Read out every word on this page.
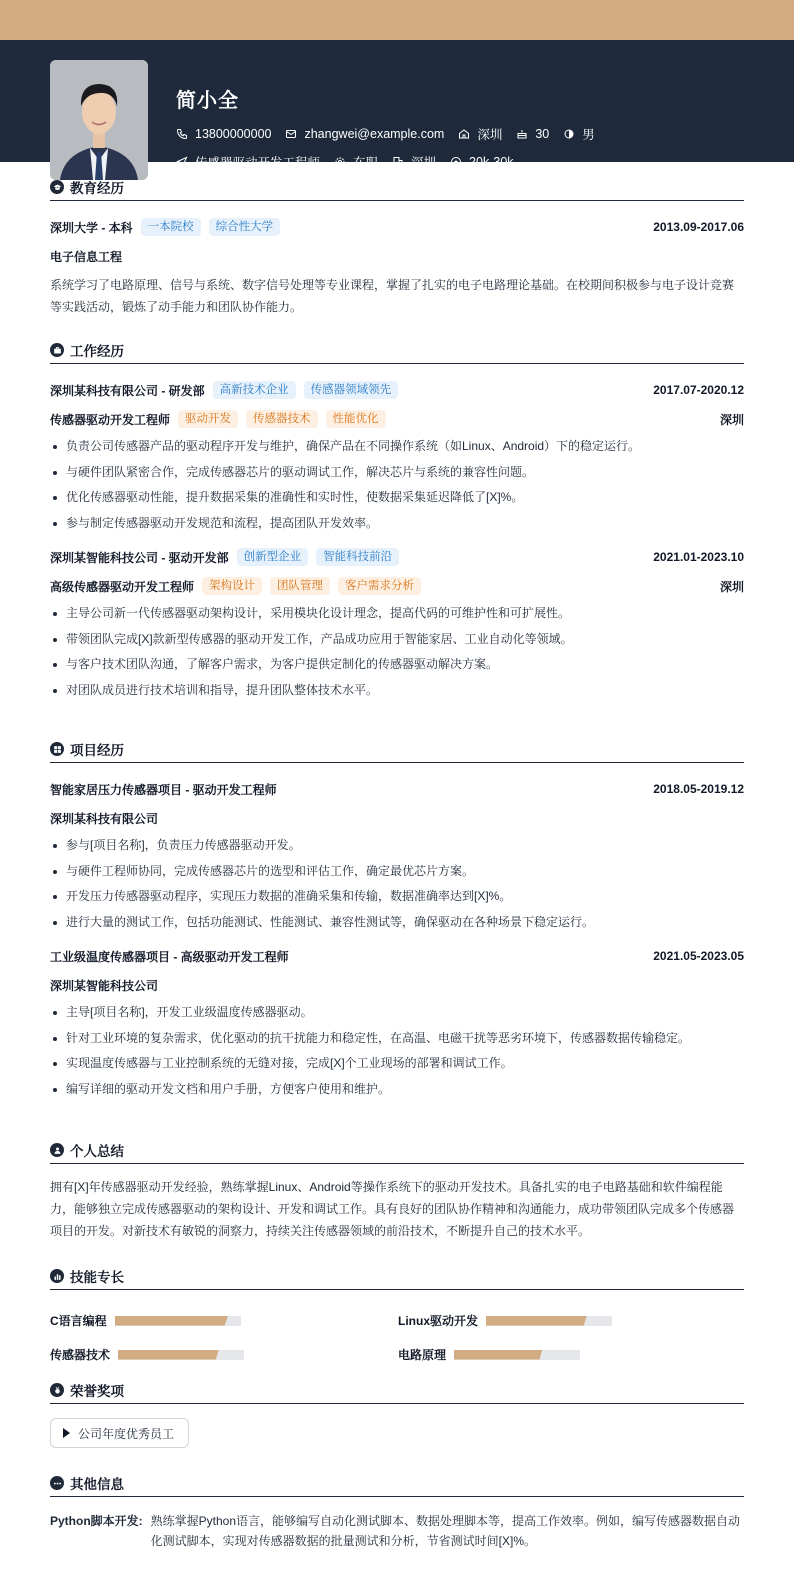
简小全
13800000000	zhangwei@example.com	深圳	30	男
传感器驱动开发工程师	在职	深圳	20k-30k
教育经历
深圳大学 - 本科	一本院校	综合性大学	2013.09-2017.06
电子信息工程
系统学习了电路原理、信号与系统、数字信号处理等专业课程，掌握了扎实的电子电路理论基础。在校期间积极参与电子设计竞赛等实践活动，锻炼了动手能力和团队协作能力。
工作经历
深圳某科技有限公司 - 研发部	高新技术企业	传感器领域领先	2017.07-2020.12
传感器驱动开发工程师	驱动开发	传感器技术	性能优化	深圳
负责公司传感器产品的驱动程序开发与维护，确保产品在不同操作系统（如Linux、Android）下的稳定运行。
与硬件团队紧密合作，完成传感器芯片的驱动调试工作，解决芯片与系统的兼容性问题。
优化传感器驱动性能，提升数据采集的准确性和实时性，使数据采集延迟降低了[X]%。
参与制定传感器驱动开发规范和流程，提高团队开发效率。
深圳某智能科技公司 - 驱动开发部	创新型企业	智能科技前沿	2021.01-2023.10
高级传感器驱动开发工程师	架构设计	团队管理	客户需求分析	深圳
主导公司新一代传感器驱动架构设计，采用模块化设计理念，提高代码的可维护性和可扩展性。
带领团队完成[X]款新型传感器的驱动开发工作，产品成功应用于智能家居、工业自动化等领域。
与客户技术团队沟通，了解客户需求，为客户提供定制化的传感器驱动解决方案。
对团队成员进行技术培训和指导，提升团队整体技术水平。
项目经历
智能家居压力传感器项目 - 驱动开发工程师	2018.05-2019.12
深圳某科技有限公司
参与[项目名称]，负责压力传感器驱动开发。
与硬件工程师协同，完成传感器芯片的选型和评估工作，确定最优芯片方案。
开发压力传感器驱动程序，实现压力数据的准确采集和传输，数据准确率达到[X]%。
进行大量的测试工作，包括功能测试、性能测试、兼容性测试等，确保驱动在各种场景下稳定运行。
工业级温度传感器项目 - 高级驱动开发工程师	2021.05-2023.05
深圳某智能科技公司
主导[项目名称]，开发工业级温度传感器驱动。
针对工业环境的复杂需求，优化驱动的抗干扰能力和稳定性，在高温、电磁干扰等恶劣环境下，传感器数据传输稳定。
实现温度传感器与工业控制系统的无缝对接，完成[X]个工业现场的部署和调试工作。
编写详细的驱动开发文档和用户手册，方便客户使用和维护。
个人总结
拥有[X]年传感器驱动开发经验，熟练掌握Linux、Android等操作系统下的驱动开发技术。具备扎实的电子电路基础和软件编程能力，能够独立完成传感器驱动的架构设计、开发和调试工作。具有良好的团队协作精神和沟通能力，成功带领团队完成多个传感器项目的开发。对新技术有敏锐的洞察力，持续关注传感器领域的前沿技术，不断提升自己的技术水平。
技能专长
C语言编程	Linux驱动开发
传感器技术	电路原理
荣誉奖项
公司年度优秀员工
其他信息
Python脚本开发: 熟练掌握Python语言，能够编写自动化测试脚本、数据处理脚本等，提高工作效率。例如，编写传感器数据自动化测试脚本，实现对传感器数据的批量测试和分析，节省测试时间[X]%。
